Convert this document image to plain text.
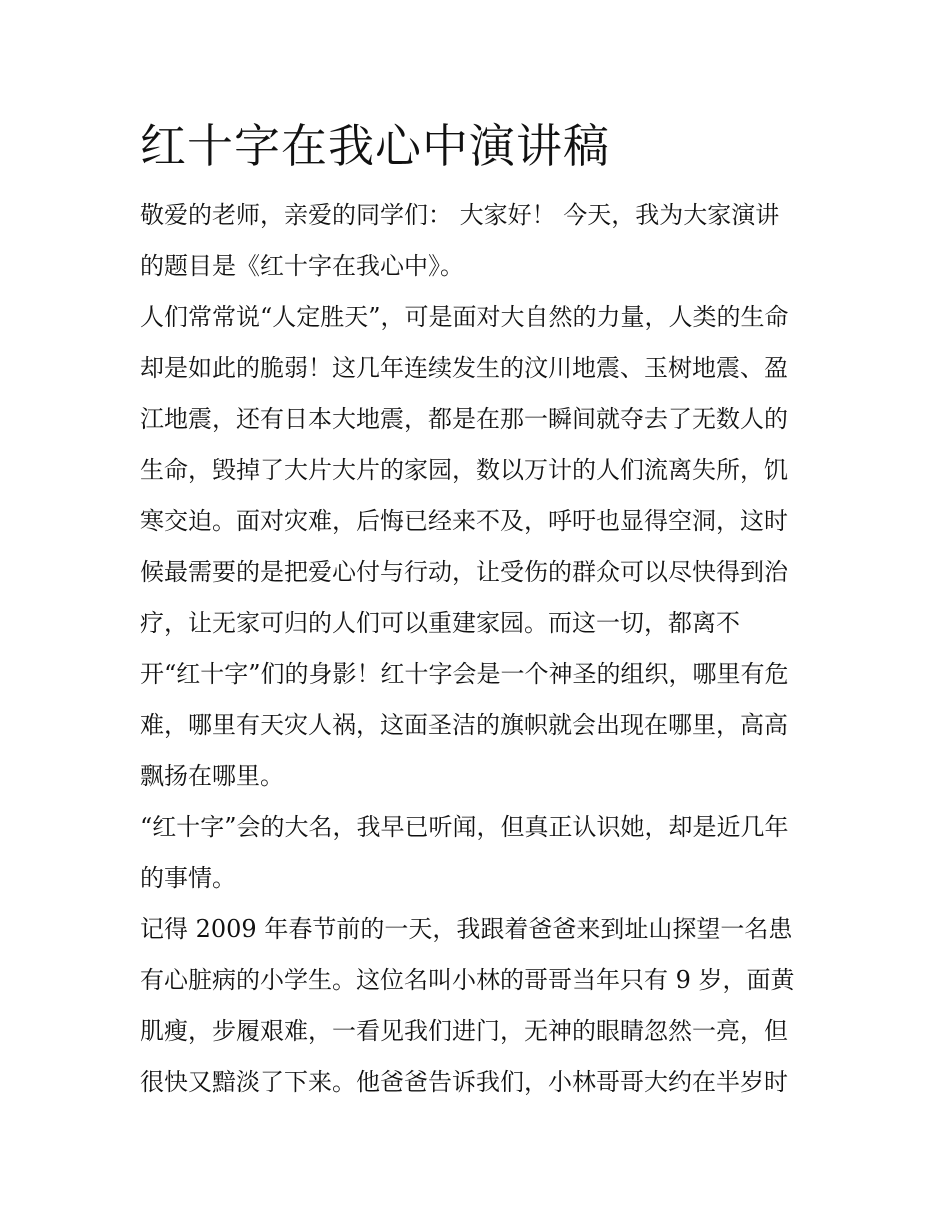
红十字在我心中演讲稿
敬爱的老师，亲爱的同学们： 大家好！ 今天，我为大家演讲
的题目是《红十字在我心中》。
人们常常说“人定胜天”，可是面对大自然的力量，人类的生命
却是如此的脆弱！这几年连续发生的汶川地震、玉树地震、盈
江地震，还有日本大地震，都是在那一瞬间就夺去了无数人的
生命，毁掉了大片大片的家园，数以万计的人们流离失所，饥
寒交迫。面对灾难，后悔已经来不及，呼吁也显得空洞，这时
候最需要的是把爱心付与行动，让受伤的群众可以尽快得到治
疗，让无家可归的人们可以重建家园。而这一切，都离不
开“红十字”们的身影！红十字会是一个神圣的组织，哪里有危
难，哪里有天灾人祸，这面圣洁的旗帜就会出现在哪里，高高
飘扬在哪里。
“红十字”会的大名，我早已听闻，但真正认识她，却是近几年
的事情。
记得 2009 年春节前的一天，我跟着爸爸来到址山探望一名患
有心脏病的小学生。这位名叫小林的哥哥当年只有 9 岁，面黄
肌瘦，步履艰难，一看见我们进门，无神的眼睛忽然一亮，但
很快又黯淡了下来。他爸爸告诉我们，小林哥哥大约在半岁时
